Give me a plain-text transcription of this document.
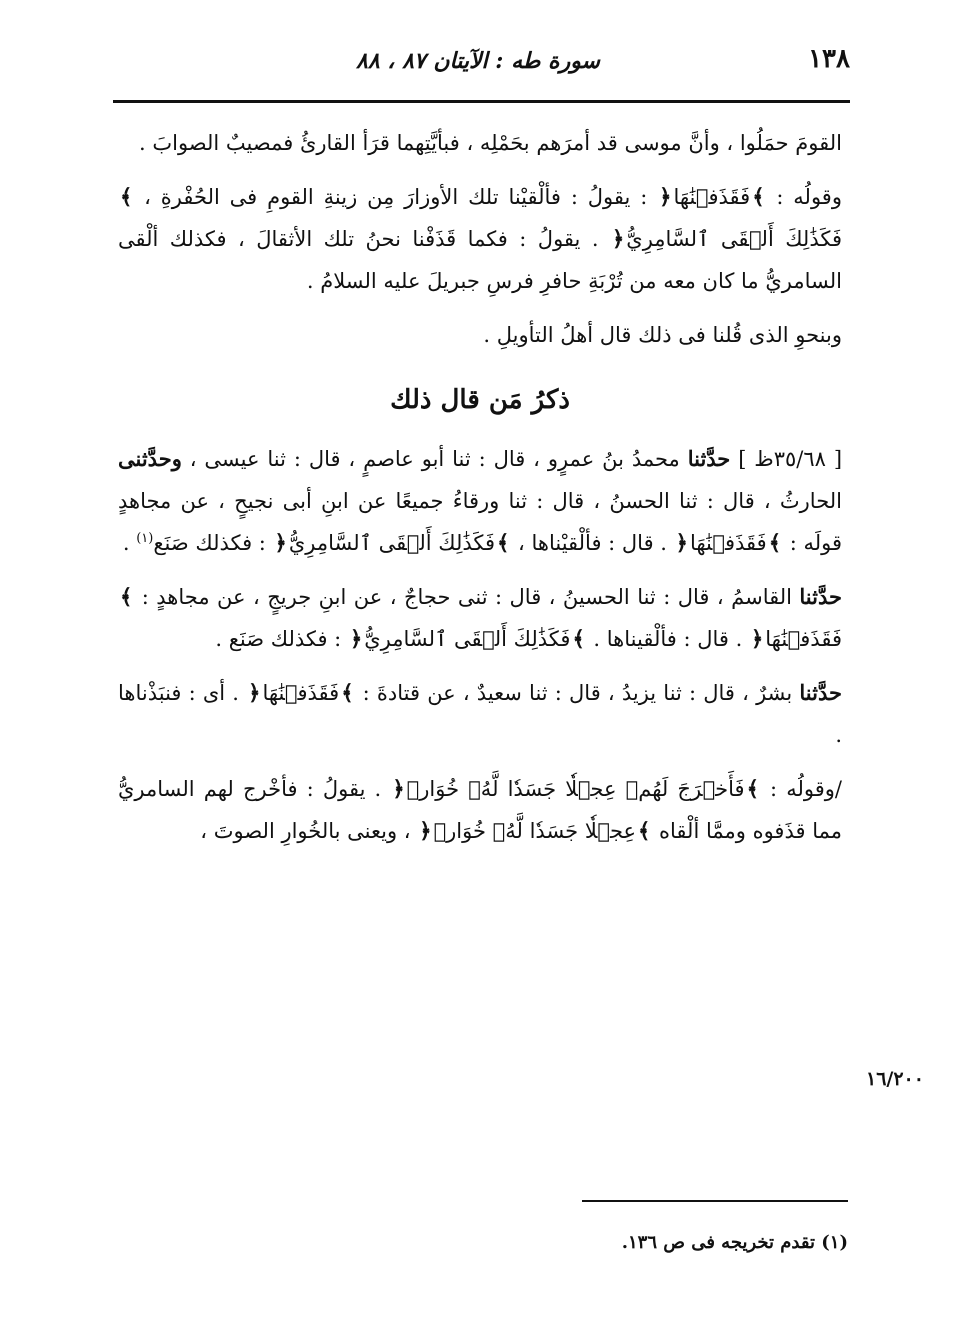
١٣٨
سورة طه : الآيتان ٨٧ ، ٨٨

القومَ حمَلُوا ، وأنَّ موسى قد أمرَهم بحَمْلِه ، فبأيَّتِهما قرَأ القارئُ فمصيبٌ الصوابَ .

وقولُه : ﴾فَقَذَفۡنَٰهَا﴿ : يقولُ : فألْقيْنا تلك الأوزارَ مِن زينةِ القومِ فى الحُفْرةِ ، ﴾فَكَذَٰلِكَ أَلۡقَى ٱلسَّامِرِيُّ﴿ . يقولُ : فكما قَذَفْنا نحنُ تلك الأثقالَ ، فكذلك ألْقى السامريُّ ما كان معه من تُرْبَةِ حافرِ فرسِ جبريلَ عليه السلامُ .

وبنحوِ الذى قُلنا فى ذلك قال أهلُ التأويلِ .

ذكرُ مَن قال ذلك

[ ٣٥/٦٨ظ ] حدَّثنا محمدُ بنُ عمرٍو ، قال : ثنا أبو عاصمٍ ، قال : ثنا عيسى ، وحدَّثنى الحارثُ ، قال : ثنا الحسنُ ، قال : ثنا ورقاءُ جميعًا عن ابنِ أبى نجيحٍ ، عن مجاهدٍ قولَه : ﴾فَقَذَفۡنَٰهَا﴿ . قال : فألْقيْناها ، ﴾فَكَذَٰلِكَ أَلۡقَى ٱلسَّامِرِيُّ﴿ : فكذلك صَنَع$^{(١)}$ .

حدَّثنا القاسمُ ، قال : ثنا الحسينُ ، قال : ثنى حجاجٌ ، عن ابنِ جريجٍ ، عن مجاهدٍ : ﴾فَقَذَفۡنَٰهَا﴿ . قال : فألْقيناها . ﴾فَكَذَٰلِكَ أَلۡقَى ٱلسَّامِرِيُّ﴿ : فكذلك صَنَع .

حدَّثنا بشرٌ ، قال : ثنا يزيدُ ، قال : ثنا سعيدٌ ، عن قتادةَ : ﴾فَقَذَفۡنَٰهَا﴿ . أى : فنبَذْناها .

/وقولُه : ﴾فَأَخۡرَجَ لَهُمۡ عِجۡلٗا جَسَدٗا لَّهُۥ خُوَارٞ﴿ . يقولُ : فأخْرج لهم السامريُّ مما قذَفوه وممَّا ألْقاه ﴾عِجۡلٗا جَسَدٗا لَّهُۥ خُوَارٞ﴿ ، ويعنى بالخُوارِ الصوتَ ،

١٦/٢٠٠
(١) تقدم تخريجه فى ص ١٣٦.
